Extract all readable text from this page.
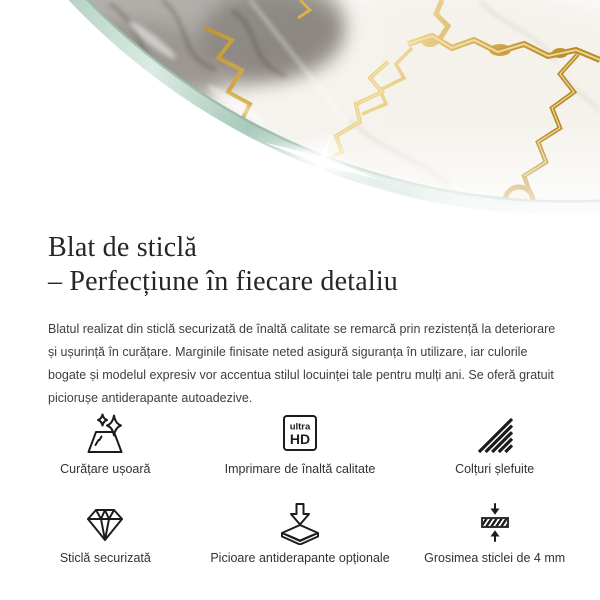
Blat de sticlă
– Perfecțiune în fiecare detaliu

Blatul realizat din sticlă securizată de înaltă calitate se remarcă prin rezistență la deteriorare și ușurință în curățare. Marginile finisate neted asigură siguranța în utilizare, iar culorile bogate și modelul expresiv vor accentua stilul locuinței tale pentru mulți ani. Se oferă gratuit piciorușe antiderapante autoadezive.

Curățare ușoară
ultra
HD
Imprimare de înaltă calitate	Colțuri șlefuite
Sticlă securizată	Picioare antiderapante opționale	Grosimea sticlei de 4 mm
